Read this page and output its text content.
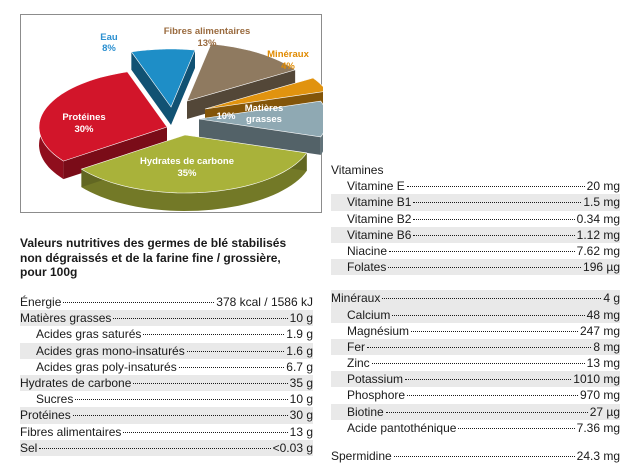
Eau
8%
Fibres alimentaires
13%
Minéraux
4%
10%
Matières
grasses
Hydrates de carbone
35%
Protéines
30%
Valeurs nutritives des germes de blé stabilisés
non dégraissés et de la farine fine / grossière,
pour 100g
Énergie	378 kcal / 1586 kJ
Matières grasses	10 g
Acides gras saturés	1.9 g
Acides gras mono-insaturés	1.6 g
Acides gras poly-insaturés	6.7 g
Hydrates de carbone	35 g
Sucres	10 g
Protéines	30 g
Fibres alimentaires	13 g
Sel	<0.03 g
Vitamines
Vitamine E	20 mg
Vitamine B1	1.5 mg
Vitamine B2	0.34 mg
Vitamine B6	1.12 mg
Niacine	7.62 mg
Folates	196 µg
Minéraux	4 g
Calcium	48 mg
Magnésium	247 mg
Fer	8 mg
Zinc	13 mg
Potassium	1010 mg
Phosphore	970 mg
Biotine	27 µg
Acide pantothénique	7.36 mg
Spermidine	24.3 mg
